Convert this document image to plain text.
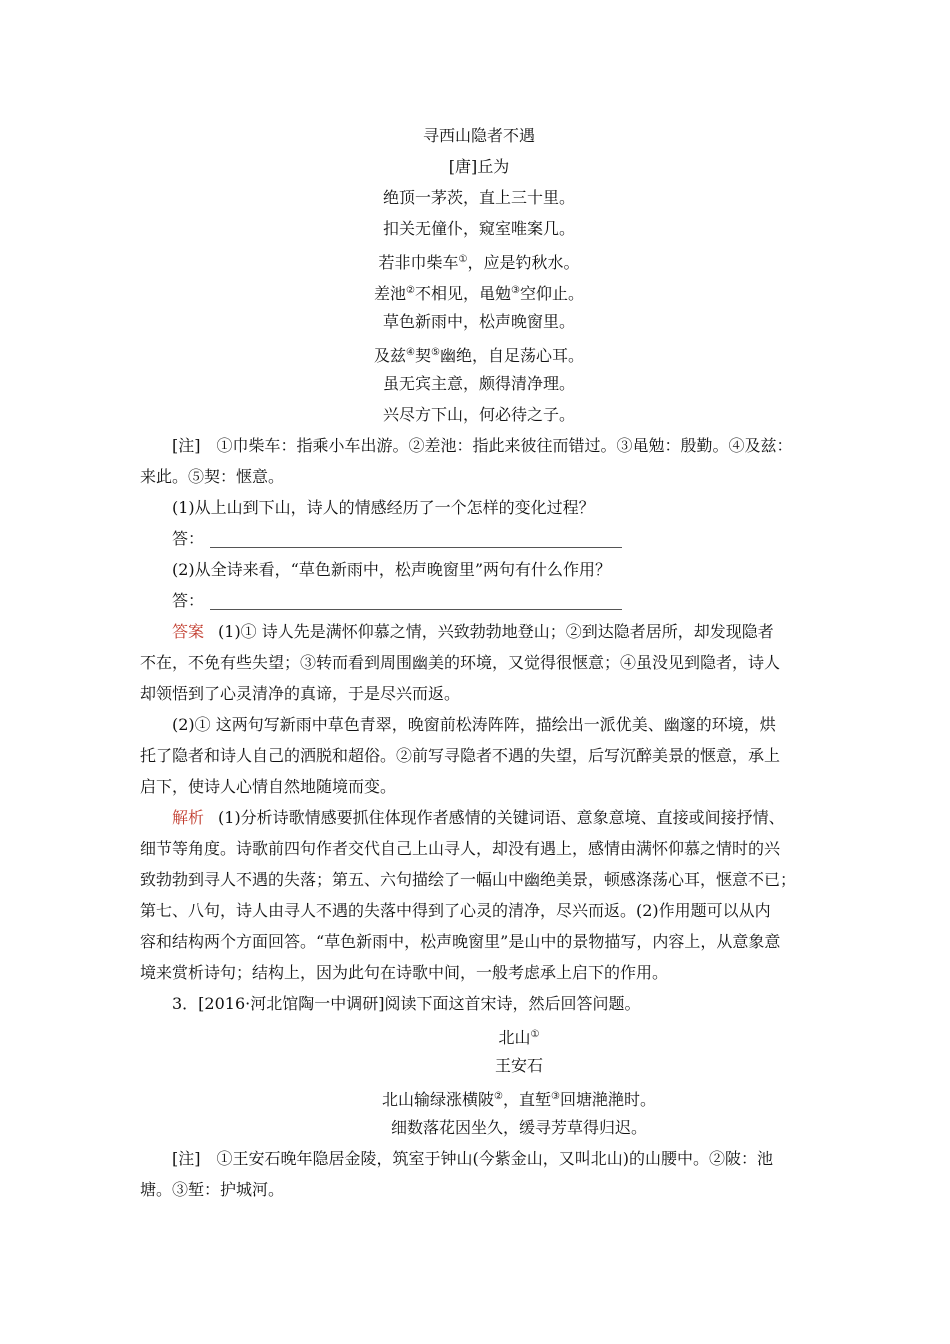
寻西山隐者不遇
[唐]丘为
绝顶一茅茨，直上三十里。
扣关无僮仆，窥室唯案几。
若非巾柴车①，应是钓秋水。
差池②不相见，黾勉③空仰止。
草色新雨中，松声晚窗里。
及兹④契⑤幽绝，自足荡心耳。
虽无宾主意，颇得清净理。
兴尽方下山，何必待之子。
[注]　①巾柴车：指乘小车出游。②差池：指此来彼往而错过。③黾勉：殷勤。④及兹：
来此。⑤契：惬意。
(1)从上山到下山，诗人的情感经历了一个怎样的变化过程？
答：
(2)从全诗来看，“草色新雨中，松声晚窗里”两句有什么作用？
答：
答案 (1)① 诗人先是满怀仰慕之情，兴致勃勃地登山；②到达隐者居所，却发现隐者
不在，不免有些失望；③转而看到周围幽美的环境，又觉得很惬意；④虽没见到隐者，诗人
却领悟到了心灵清净的真谛，于是尽兴而返。
(2)① 这两句写新雨中草色青翠，晚窗前松涛阵阵，描绘出一派优美、幽邃的环境，烘
托了隐者和诗人自己的洒脱和超俗。②前写寻隐者不遇的失望，后写沉醉美景的惬意，承上
启下，使诗人心情自然地随境而变。
解析 (1)分析诗歌情感要抓住体现作者感情的关键词语、意象意境、直接或间接抒情、
细节等角度。诗歌前四句作者交代自己上山寻人，却没有遇上，感情由满怀仰慕之情时的兴
致勃勃到寻人不遇的失落；第五、六句描绘了一幅山中幽绝美景，顿感涤荡心耳，惬意不已；
第七、八句，诗人由寻人不遇的失落中得到了心灵的清净，尽兴而返。(2)作用题可以从内
容和结构两个方面回答。“草色新雨中，松声晚窗里”是山中的景物描写，内容上，从意象意
境来赏析诗句；结构上，因为此句在诗歌中间，一般考虑承上启下的作用。
3．[2016·河北馆陶一中调研]阅读下面这首宋诗，然后回答问题。
北山①
王安石
北山输绿涨横陂②，直堑③回塘滟滟时。
细数落花因坐久，缓寻芳草得归迟。
[注]　①王安石晚年隐居金陵，筑室于钟山(今紫金山，又叫北山)的山腰中。②陂：池
塘。③堑：护城河。
